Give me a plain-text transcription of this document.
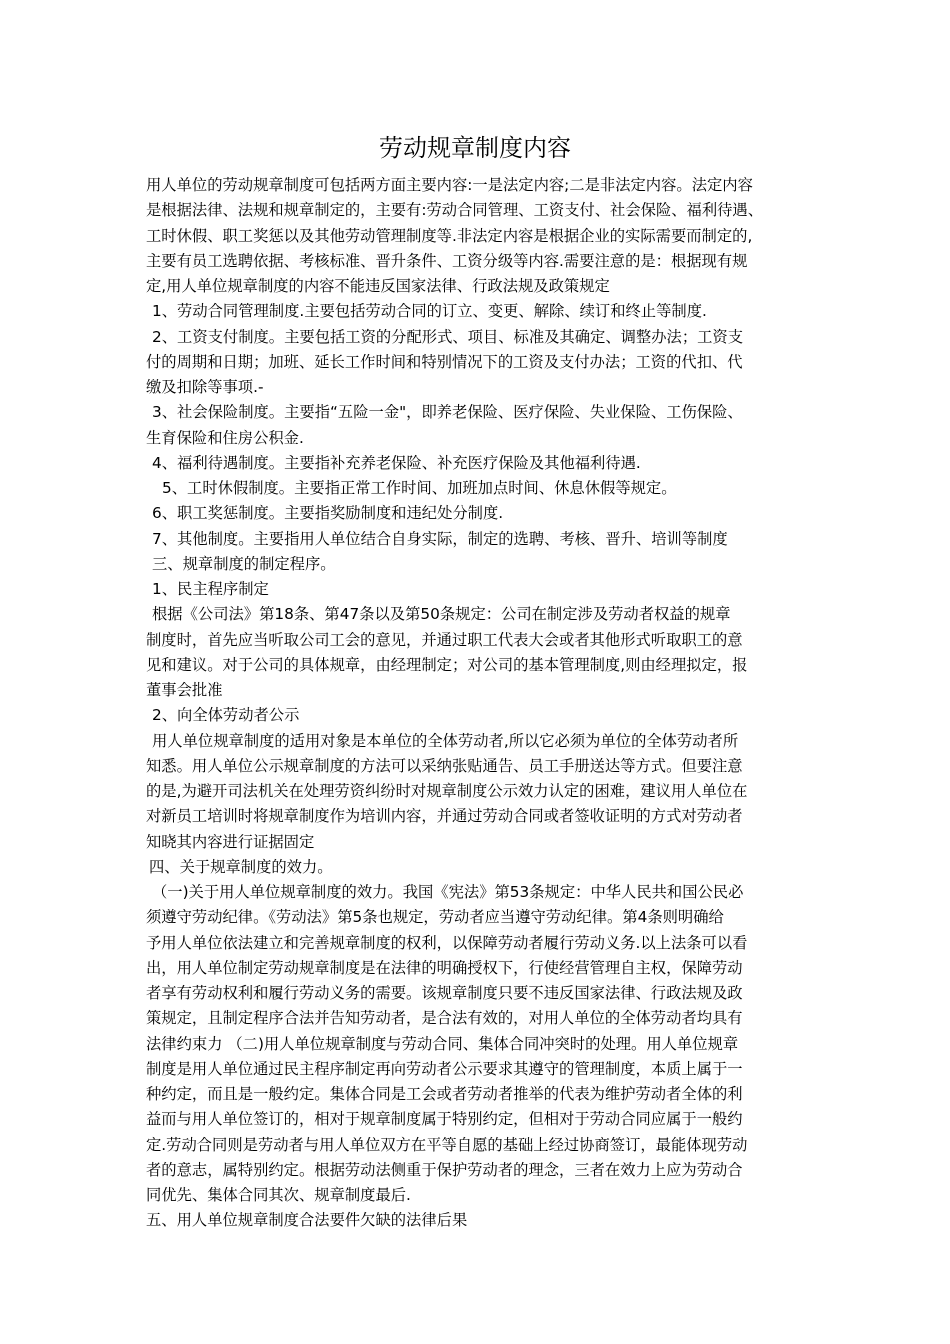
劳动规章制度内容
用人单位的劳动规章制度可包括两方面主要内容:一是法定内容;二是非法定内容。法定内容
是根据法律、法规和规章制定的，主要有:劳动合同管理、工资支付、社会保险、福利待遇、
工时休假、职工奖惩以及其他劳动管理制度等.非法定内容是根据企业的实际需要而制定的,
主要有员工选聘依据、考核标准、晋升条件、工资分级等内容.需要注意的是：根据现有规
定,用人单位规章制度的内容不能违反国家法律、行政法规及政策规定
1、劳动合同管理制度.主要包括劳动合同的订立、变更、解除、续订和终止等制度.
2、工资支付制度。主要包括工资的分配形式、项目、标准及其确定、调整办法；工资支
付的周期和日期；加班、延长工作时间和特别情况下的工资及支付办法；工资的代扣、代
缴及扣除等事项.-
3、社会保险制度。主要指“五险一金"，即养老保险、医疗保险、失业保险、工伤保险、
生育保险和住房公积金.
4、福利待遇制度。主要指补充养老保险、补充医疗保险及其他福利待遇.
5、工时休假制度。主要指正常工作时间、加班加点时间、休息休假等规定。
6、职工奖惩制度。主要指奖励制度和违纪处分制度.
7、其他制度。主要指用人单位结合自身实际，制定的选聘、考核、晋升、培训等制度
三、规章制度的制定程序。
1、民主程序制定
根据《公司法》第18条、第47条以及第50条规定：公司在制定涉及劳动者权益的规章
制度时，首先应当听取公司工会的意见，并通过职工代表大会或者其他形式听取职工的意
见和建议。对于公司的具体规章，由经理制定；对公司的基本管理制度,则由经理拟定，报
董事会批准
2、向全体劳动者公示
用人单位规章制度的适用对象是本单位的全体劳动者,所以它必须为单位的全体劳动者所
知悉。用人单位公示规章制度的方法可以采纳张贴通告、员工手册送达等方式。但要注意
的是,为避开司法机关在处理劳资纠纷时对规章制度公示效力认定的困难，建议用人单位在
对新员工培训时将规章制度作为培训内容，并通过劳动合同或者签收证明的方式对劳动者
知晓其内容进行证据固定
四、关于规章制度的效力。
（一)关于用人单位规章制度的效力。我国《宪法》第53条规定：中华人民共和国公民必
须遵守劳动纪律。《劳动法》第5条也规定，劳动者应当遵守劳动纪律。第4条则明确给
予用人单位依法建立和完善规章制度的权利，以保障劳动者履行劳动义务.以上法条可以看
出，用人单位制定劳动规章制度是在法律的明确授权下，行使经营管理自主权，保障劳动
者享有劳动权利和履行劳动义务的需要。该规章制度只要不违反国家法律、行政法规及政
策规定，且制定程序合法并告知劳动者，是合法有效的，对用人单位的全体劳动者均具有
法律约束力 （二)用人单位规章制度与劳动合同、集体合同冲突时的处理。用人单位规章
制度是用人单位通过民主程序制定再向劳动者公示要求其遵守的管理制度，本质上属于一
种约定，而且是一般约定。集体合同是工会或者劳动者推举的代表为维护劳动者全体的利
益而与用人单位签订的，相对于规章制度属于特别约定，但相对于劳动合同应属于一般约
定.劳动合同则是劳动者与用人单位双方在平等自愿的基础上经过协商签订，最能体现劳动
者的意志，属特别约定。根据劳动法侧重于保护劳动者的理念，三者在效力上应为劳动合
同优先、集体合同其次、规章制度最后.
五、用人单位规章制度合法要件欠缺的法律后果
